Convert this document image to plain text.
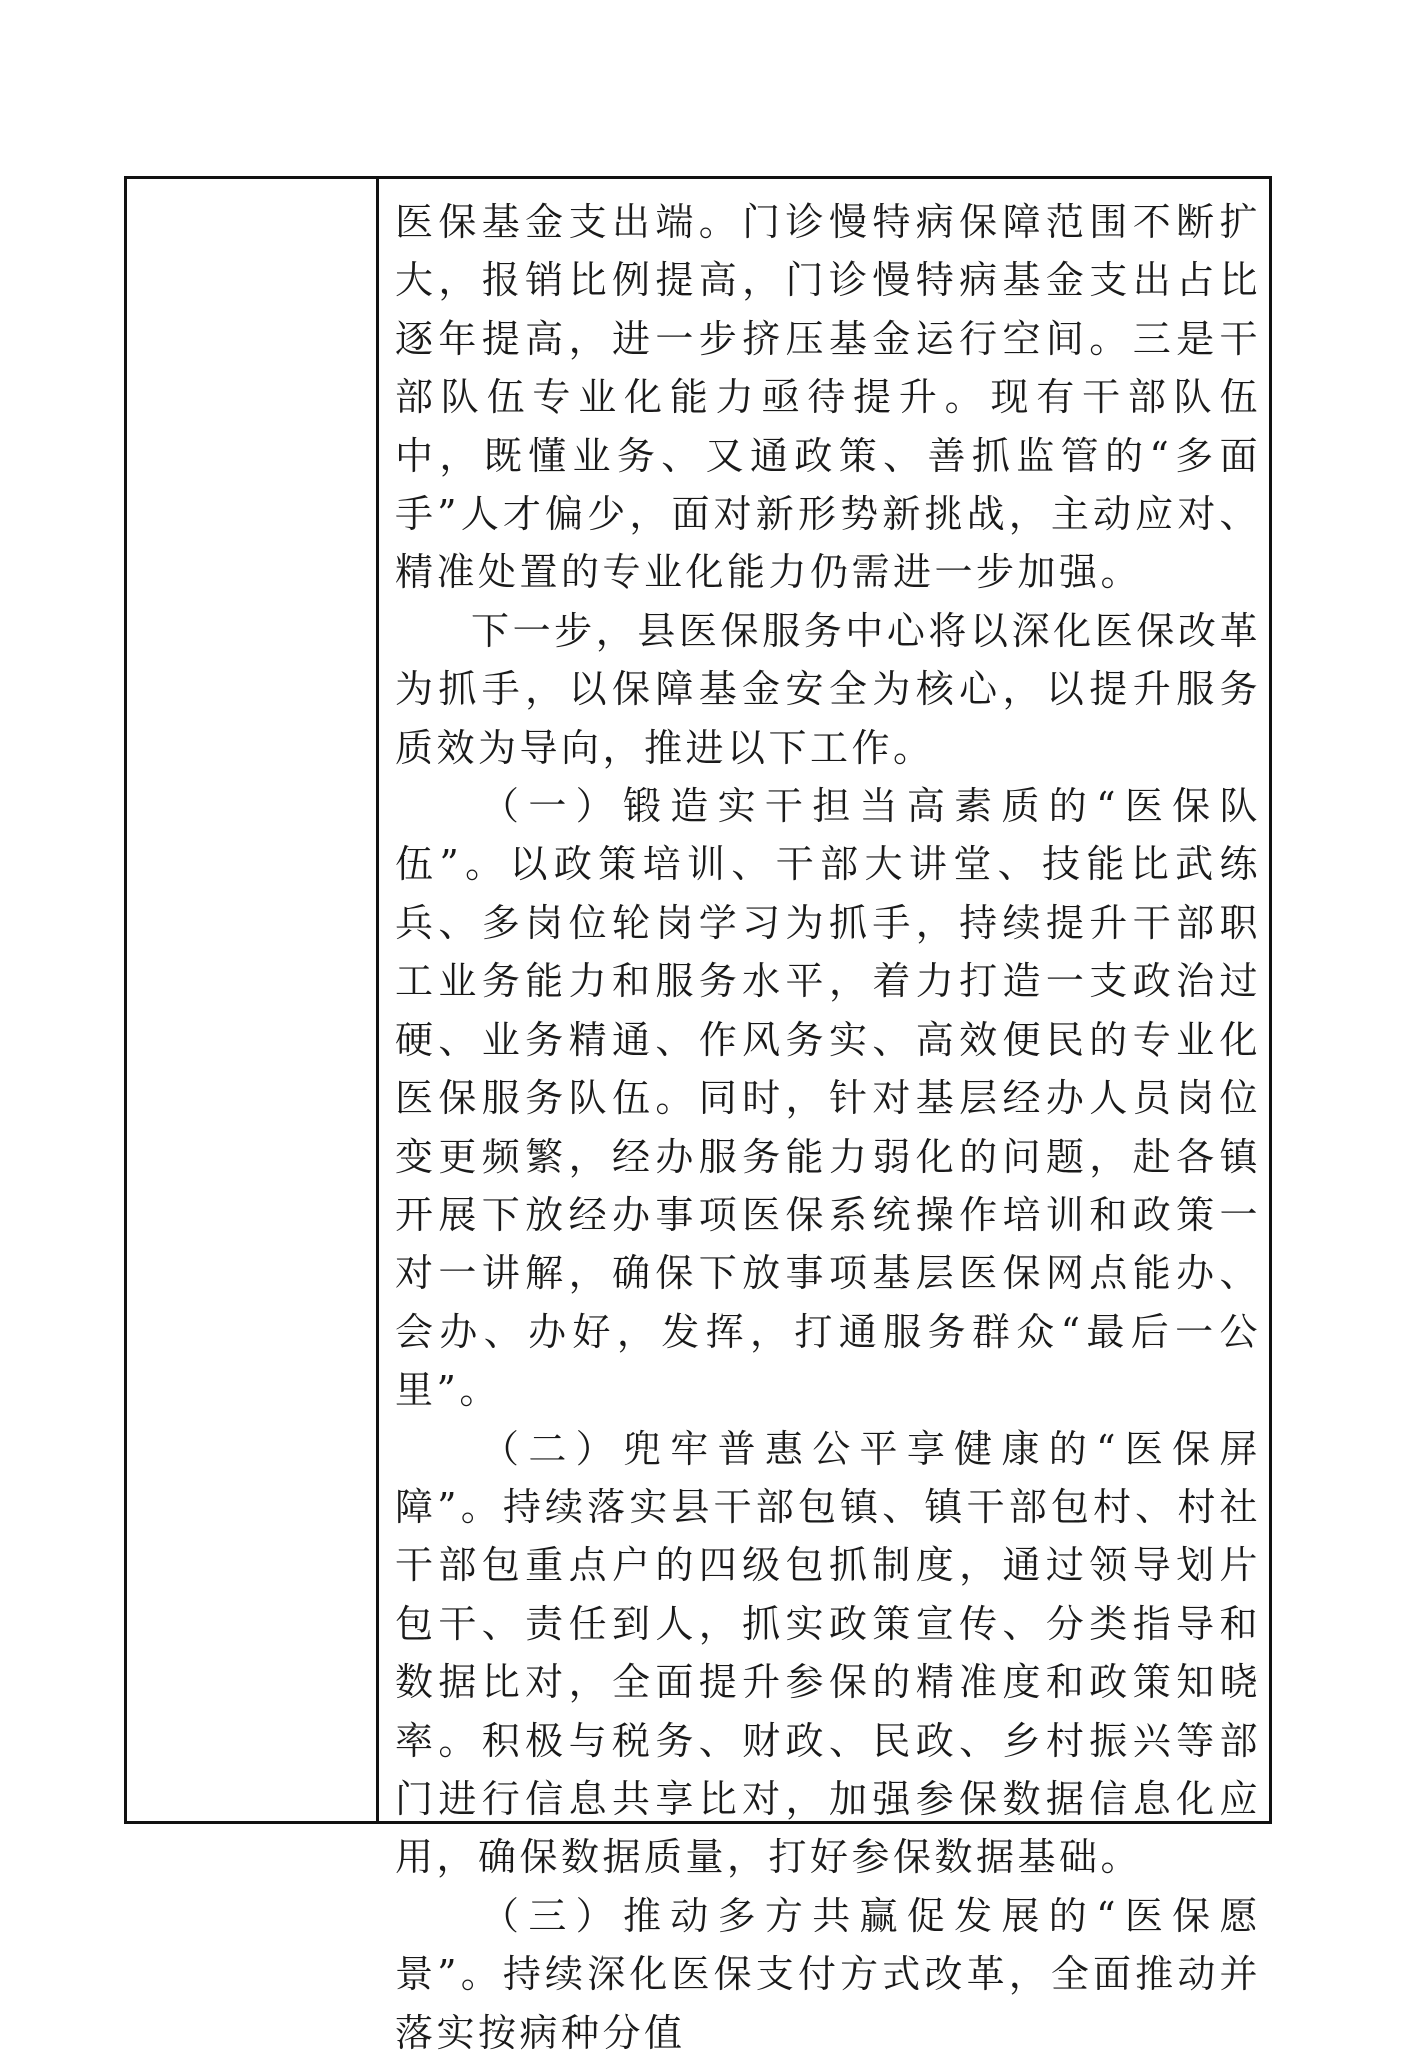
医保基金支出端。门诊慢特病保障范围不断扩大，报销比例提高，门诊慢特病基金支出占比逐年提高，进一步挤压基金运行空间。三是干部队伍专业化能力亟待提升。现有干部队伍中，既懂业务、又通政策、善抓监管的“多面手”人才偏少，面对新形势新挑战，主动应对、精准处置的专业化能力仍需进一步加强。

下一步，县医保服务中心将以深化医保改革为抓手，以保障基金安全为核心，以提升服务质效为导向，推进以下工作。

（一）锻造实干担当高素质的“医保队伍”。以政策培训、干部大讲堂、技能比武练兵、多岗位轮岗学习为抓手，持续提升干部职工业务能力和服务水平，着力打造一支政治过硬、业务精通、作风务实、高效便民的专业化医保服务队伍。同时，针对基层经办人员岗位变更频繁，经办服务能力弱化的问题，赴各镇开展下放经办事项医保系统操作培训和政策一对一讲解，确保下放事项基层医保网点能办、会办、办好，发挥，打通服务群众“最后一公里”。

（二）兜牢普惠公平享健康的“医保屏障”。持续落实县干部包镇、镇干部包村、村社干部包重点户的四级包抓制度，通过领导划片包干、责任到人，抓实政策宣传、分类指导和数据比对，全面提升参保的精准度和政策知晓率。积极与税务、财政、民政、乡村振兴等部门进行信息共享比对，加强参保数据信息化应用，确保数据质量，打好参保数据基础。

（三）推动多方共赢促发展的“医保愿景”。持续深化医保支付方式改革，全面推动并落实按病种分值
